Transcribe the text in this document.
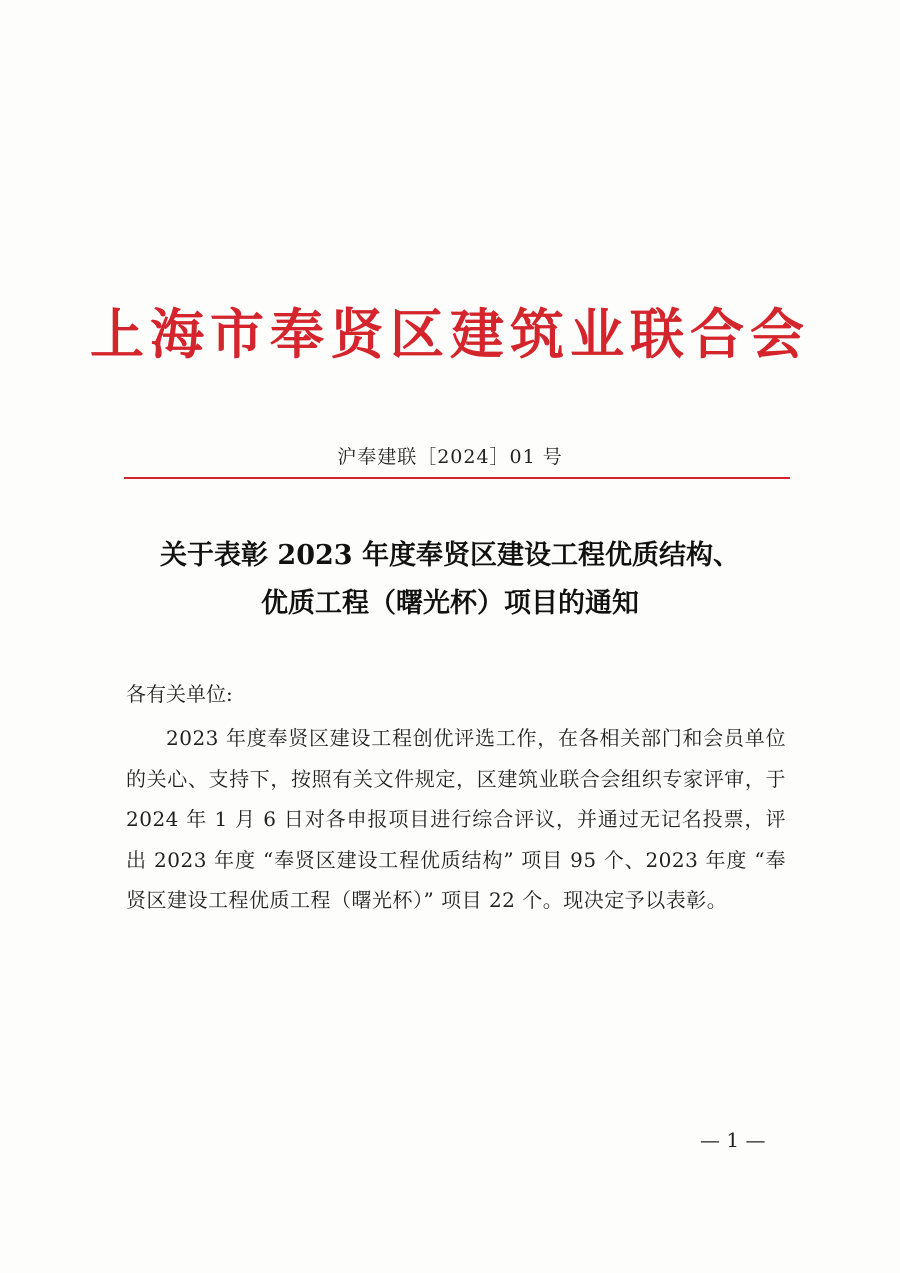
上海市奉贤区建筑业联合会
沪奉建联［2024］01 号
关于表彰 2023 年度奉贤区建设工程优质结构、
优质工程（曙光杯）项目的通知
各有关单位:

2023 年度奉贤区建设工程创优评选工作，在各相关部门和会员单位的关心、支持下，按照有关文件规定，区建筑业联合会组织专家评审，于 2024 年 1 月 6 日对各申报项目进行综合评议，并通过无记名投票，评出 2023 年度 “奉贤区建设工程优质结构” 项目 95 个、2023 年度 “奉贤区建设工程优质工程（曙光杯）” 项目 22 个。现决定予以表彰。

— 1 —
